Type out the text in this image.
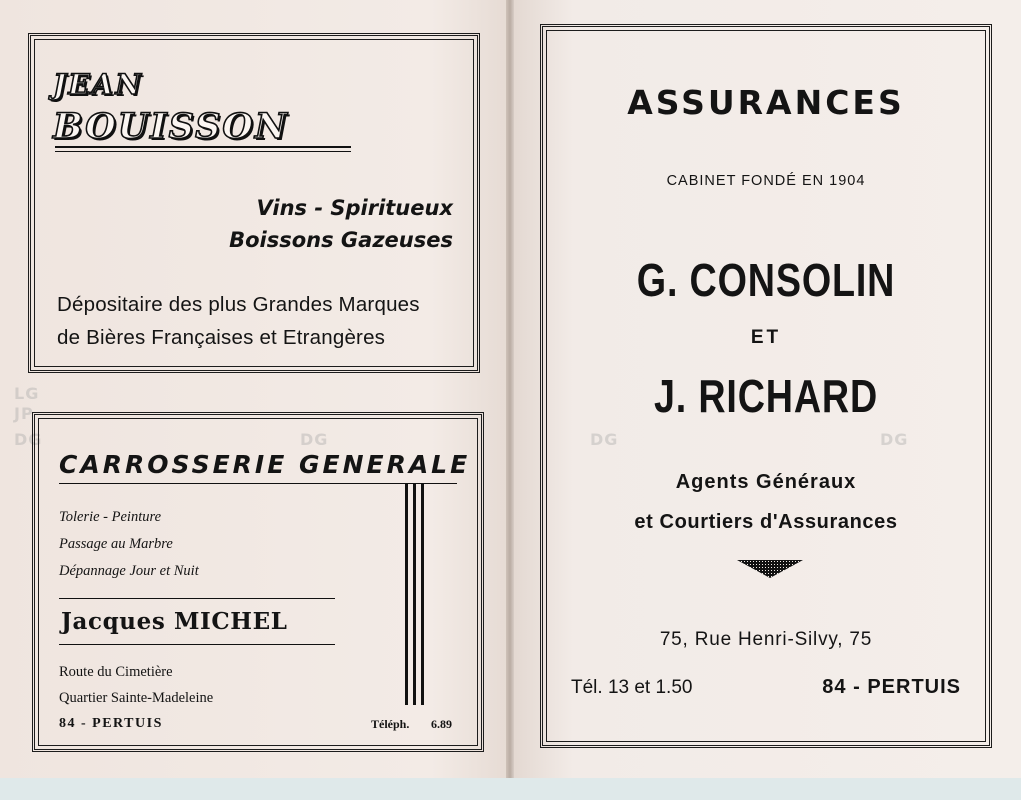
JEAN
BOUISSON
Vins - Spiritueux
Boissons Gazeuses
Dépositaire des plus Grandes Marques
de Bières Françaises et Etrangères
LG
JP
DG	DG	DG	DG
CARROSSERIE GENERALE
Tolerie - Peinture
Passage au Marbre
Dépannage Jour et Nuit
Jacques MICHEL
Route du Cimetière
Quartier Sainte-Madeleine
84 - PERTUIS	Téléph. 6.89
ASSURANCES
CABINET FONDÉ EN 1904
G. CONSOLIN
ET
J. RICHARD
Agents Généraux
et Courtiers d'Assurances
75, Rue Henri-Silvy, 75
Tél. 13 et 1.50	84 - PERTUIS
